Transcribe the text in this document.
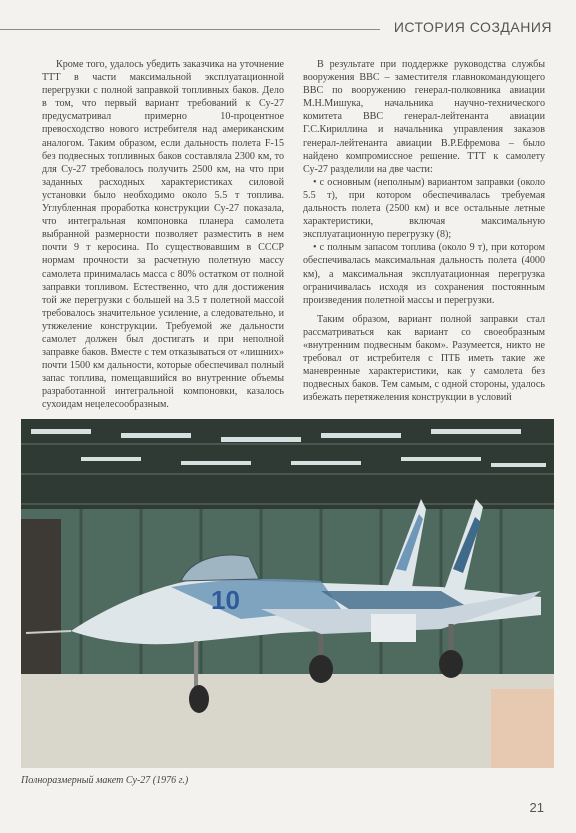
ИСТОРИЯ СОЗДАНИЯ

Кроме того, удалось убедить заказчика на уточнение ТТТ в части максимальной эксплуатационной перегрузки с полной заправкой топливных баков. Дело в том, что первый вариант требований к Су-27 предусматривал примерно 10-процентное превосходство нового истребителя над американским аналогом. Таким образом, если дальность полета F-15 без подвесных топливных баков составляла 2300 км, то для Су-27 требовалось получить 2500 км, на что при заданных расходных характеристиках силовой установки было необходимо около 5.5 т топлива. Углубленная проработка конструкции Су-27 показала, что интегральная компоновка планера самолета выбранной размерности позволяет разместить в нем почти 9 т керосина. По существовавшим в СССР нормам прочности за расчетную полетную массу самолета принималась масса с 80% остатком от полной заправки топливом. Естественно, что для достижения той же перегрузки с большей на 3.5 т полетной массой требовалось значительное усиление, а следовательно, и утяжеление конструкции. Требуемой же дальности самолет должен был достигать и при неполной заправке баков. Вместе с тем отказываться от «лишних» почти 1500 км дальности, которые обеспечивал полный запас топлива, помещавшийся во внутренние объемы разработанной интегральной компоновки, казалось сухоидам нецелесообразным.

В результате при поддержке руководства службы вооружения ВВС – заместителя главнокомандующего ВВС по вооружению генерал-полковника авиации М.Н.Мишука, начальника научно-технического комитета ВВС генерал-лейтенанта авиации Г.С.Кириллина и начальника управления заказов генерал-лейтенанта авиации В.Р.Ефремова – было найдено компромиссное решение. ТТТ к самолету Су-27 разделили на две части:

• с основным (неполным) вариантом заправки (около 5.5 т), при котором обеспечивалась требуемая дальность полета (2500 км) и все остальные летные характеристики, включая максимальную эксплуатационную перегрузку (8);

• с полным запасом топлива (около 9 т), при котором обеспечивалась максимальная дальность полета (4000 км), а максимальная эксплуатационная перегрузка ограничивалась исходя из сохранения постоянным произведения полетной массы и перегрузки.

Таким образом, вариант полной заправки стал рассматриваться как вариант со своеобразным «внутренним подвесным баком». Разумеется, никто не требовал от истребителя с ПТБ иметь такие же маневренные характеристики, как у самолета без подвесных баков. Тем самым, с одной стороны, удалось избежать перетяжеления конструкции в условий

10
Полноразмерный макет Су-27 (1976 г.)
21
